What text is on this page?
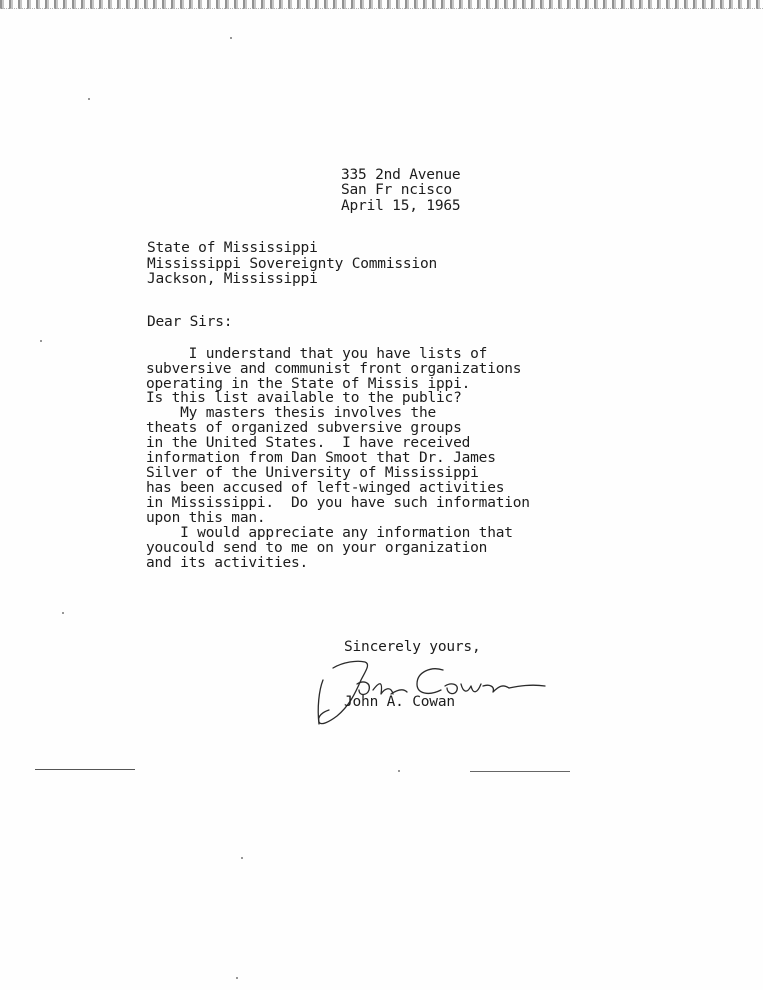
335 2nd Avenue
San Fr ncisco
April 15, 1965
State of Mississippi
Mississippi Sovereignty Commission
Jackson, Mississippi
Dear Sirs:
I understand that you have lists of
subversive and communist front organizations
operating in the State of Missis ippi.
Is this list available to the public?
My masters thesis involves the
theats of organized subversive groups
in the United States.  I have received
information from Dan Smoot that Dr. James
Silver of the University of Mississippi
has been accused of left-winged activities
in Mississippi.  Do you have such information
upon this man.
I would appreciate any information that
youcould send to me on your organization
and its activities.
Sincerely yours,
John A. Cowan
